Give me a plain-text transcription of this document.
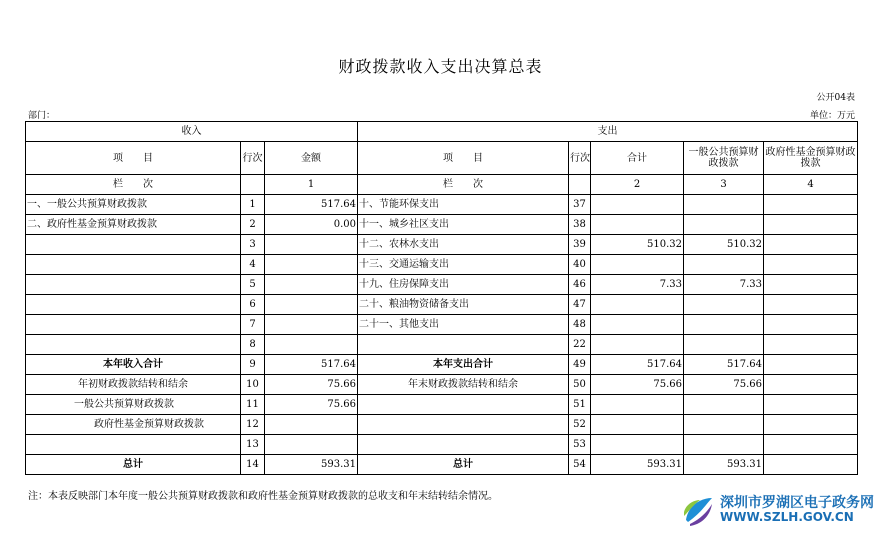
财政拨款收入支出决算总表
公开04表
部门：	单位：万元
收入			支出				
项　　目	行次	金额	项　　目	行次	合计	一般公共预算财政拨款	政府性基金预算财政拨款
栏　　次		1	栏　　次		2	3	4
一、一般公共预算财政拨款	1	517.64	十、节能环保支出	37			
二、政府性基金预算财政拨款	2	0.00	十一、城乡社区支出	38			
	3		十二、农林水支出	39	510.32	510.32	
	4		十三、交通运输支出	40			
	5		十九、住房保障支出	46	7.33	7.33	
	6		二十、粮油物资储备支出	47			
	7		二十一、其他支出	48			
	8			22			
本年收入合计	9	517.64	本年支出合计	49	517.64	517.64	
年初财政拨款结转和结余	10	75.66	年末财政拨款结转和结余	50	75.66	75.66	
一般公共预算财政拨款	11	75.66		51			
政府性基金预算财政拨款	12			52			
	13			53			
总计	14	593.31	总计	54	593.31	593.31	
注：本表反映部门本年度一般公共预算财政拨款和政府性基金预算财政拨款的总收支和年末结转结余情况。	深圳市罗湖区电子政务网
WWW.SZLH.GOV.CN
